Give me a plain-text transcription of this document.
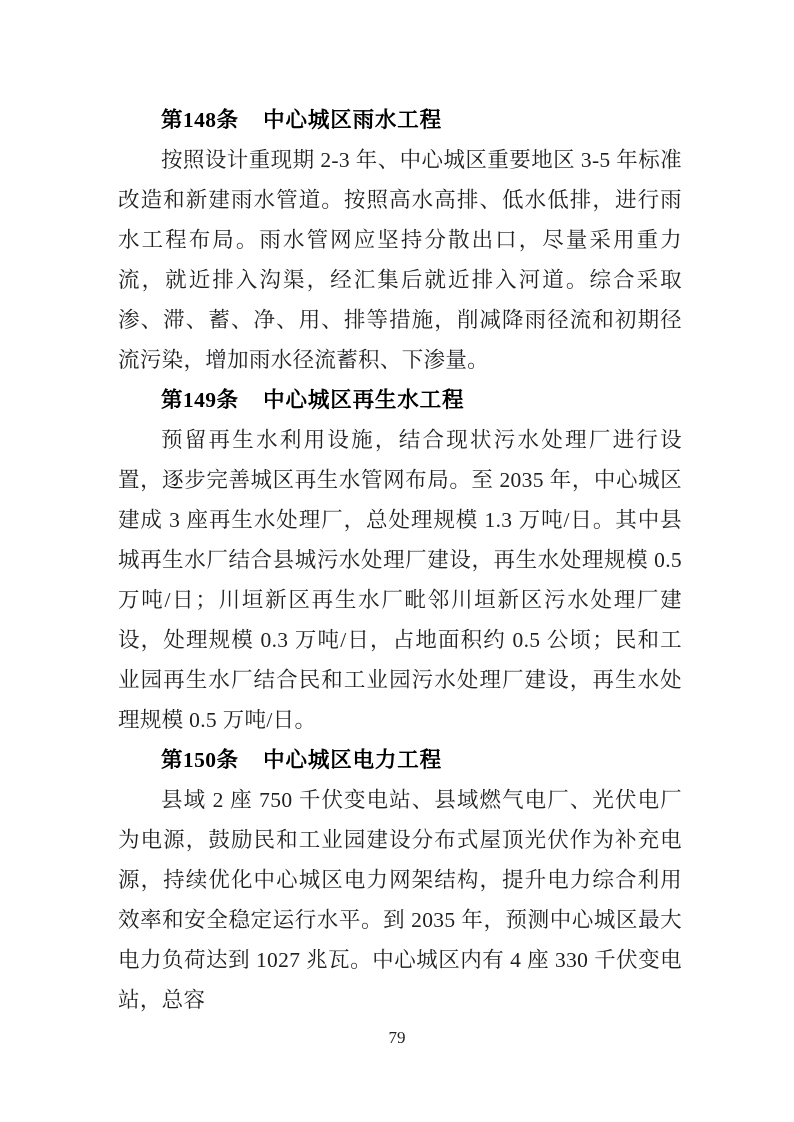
第148条 中心城区雨水工程

按照设计重现期 2-3 年、中心城区重要地区 3-5 年标准改造和新建雨水管道。按照高水高排、低水低排，进行雨水工程布局。雨水管网应坚持分散出口，尽量采用重力流，就近排入沟渠，经汇集后就近排入河道。综合采取渗、滞、蓄、净、用、排等措施，削减降雨径流和初期径流污染，增加雨水径流蓄积、下渗量。

第149条 中心城区再生水工程

预留再生水利用设施，结合现状污水处理厂进行设置，逐步完善城区再生水管网布局。至 2035 年，中心城区建成 3 座再生水处理厂，总处理规模 1.3 万吨/日。其中县城再生水厂结合县城污水处理厂建设，再生水处理规模 0.5 万吨/日；川垣新区再生水厂毗邻川垣新区污水处理厂建设，处理规模 0.3 万吨/日，占地面积约 0.5 公顷；民和工业园再生水厂结合民和工业园污水处理厂建设，再生水处理规模 0.5 万吨/日。

第150条 中心城区电力工程

县域 2 座 750 千伏变电站、县域燃气电厂、光伏电厂为电源，鼓励民和工业园建设分布式屋顶光伏作为补充电源，持续优化中心城区电力网架结构，提升电力综合利用效率和安全稳定运行水平。到 2035 年，预测中心城区最大电力负荷达到 1027 兆瓦。中心城区内有 4 座 330 千伏变电站，总容

79
